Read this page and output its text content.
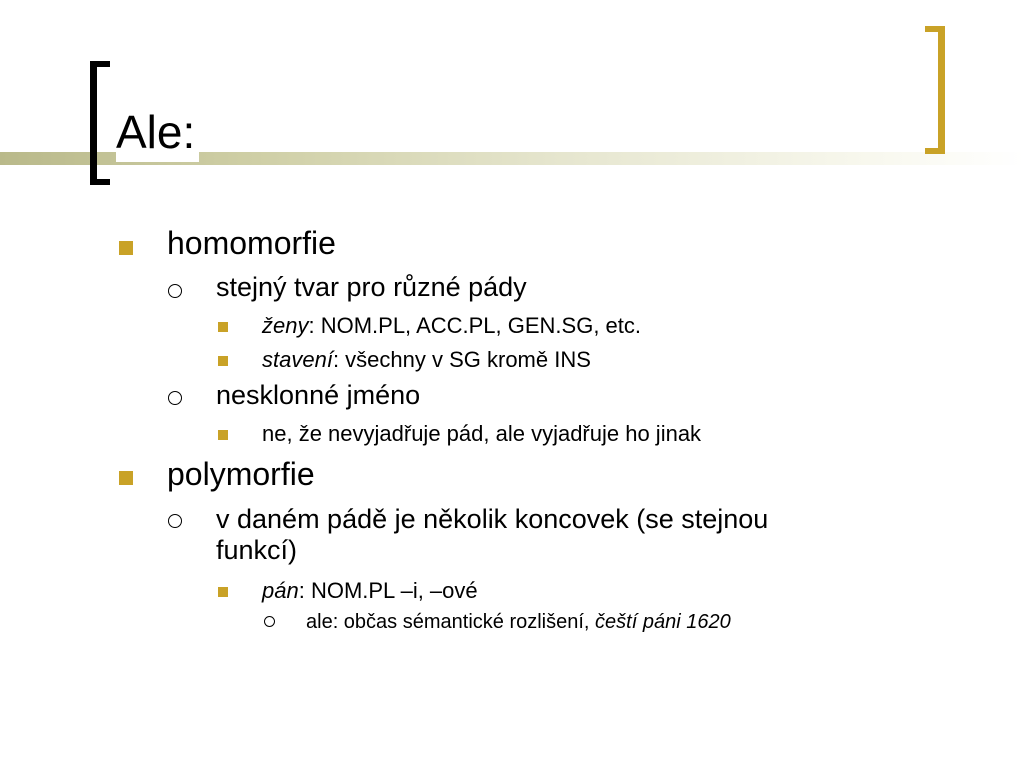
Ale:
homomorfie
stejný tvar pro různé pády
ženy: NOM.PL, ACC.PL, GEN.SG, etc.
stavení: všechny v SG kromě INS
nesklonné jméno
ne, že nevyjadřuje pád, ale vyjadřuje ho jinak
polymorfie
v daném pádě je několik koncovek (se stejnou
funkcí)
pán: NOM.PL –i, –ové
ale: občas sémantické rozlišení, čeští páni 1620
